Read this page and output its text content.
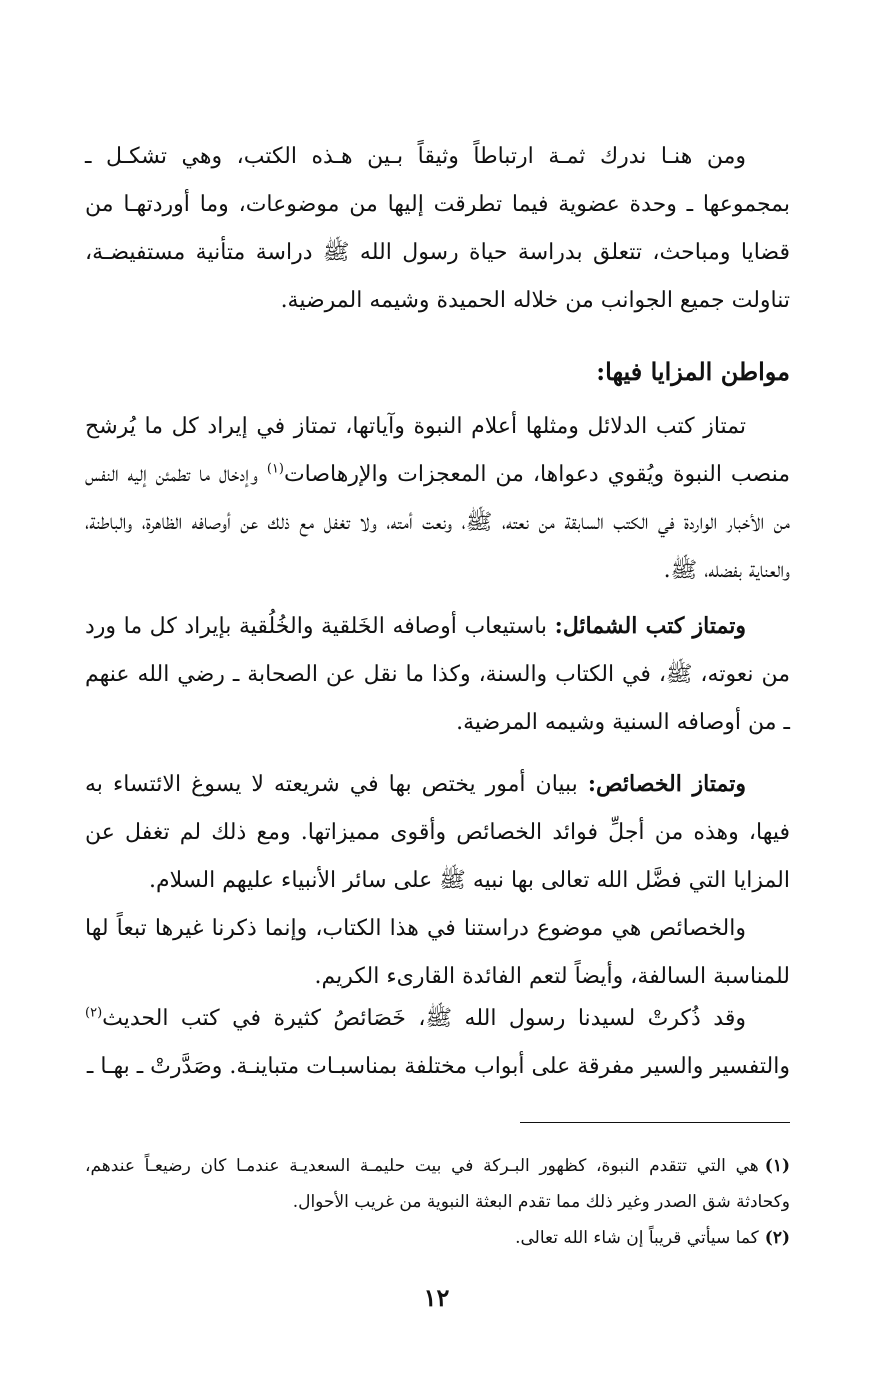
ومن هنـا ندرك ثمـة ارتباطاً وثيقاً بـين هـذه الكتب، وهي تشكـل ـ بمجموعها ـ وحدة عضوية فيما تطرقت إليها من موضوعات، وما أوردتهـا من قضايا ومباحث، تتعلق بدراسة حياة رسول الله ﷺ دراسة متأنية مستفيضـة، تناولت جميع الجوانب من خلاله الحميدة وشيمه المرضية.

مواطن المزايا فيها:

تمتاز كتب الدلائل ومثلها أعلام النبوة وآياتها، تمتاز في إيراد كل ما يُرشح منصب النبوة ويُقوي دعواها، من المعجزات والإرهاصات$^{(١)}$ وإدخال ما تطمئن إليه النفس من الأخبار الواردة في الكتب السابقة من نعته، ﷺ، ونعت أمته، ولا تغفل مع ذلك عن أوصافه الظاهرة، والباطنة، والعناية بفضله، ﷺ.

وتمتاز كتب الشمائل: باستيعاب أوصافه الخَلقية والخُلُقية بإيراد كل ما ورد من نعوته، ﷺ، في الكتاب والسنة، وكذا ما نقل عن الصحابة ـ رضي الله عنهم ـ من أوصافه السنية وشيمه المرضية.

وتمتاز الخصائص: ببيان أمور يختص بها في شريعته لا يسوغ الائتساء به فيها، وهذه من أجلِّ فوائد الخصائص وأقوى مميزاتها. ومع ذلك لم تغفل عن المزايا التي فضَّل الله تعالى بها نبيه ﷺ على سائر الأنبياء عليهم السلام.

والخصائص هي موضوع دراستنا في هذا الكتاب، وإنما ذكرنا غيرها تبعاً لها للمناسبة السالفة، وأيضاً لتعم الفائدة القارىء الكريم.

وقد ذُكرتْ لسيدنا رسول الله ﷺ، خَصَائصُ كثيرة في كتب الحديث$^{(٢)}$ والتفسير والسير مفرقة على أبواب مختلفة بمناسبـات متباينـة. وصَدَّرتْ ـ بهـا ـ

(١)هي التي تتقدم النبوة، كظهور البـركة في بيت حليمـة السعديـة عندمـا كان رضيعـاً عندهم، وكحادثة شق الصدر وغير ذلك مما تقدم البعثة النبوية من غريب الأحوال.
(٢)كما سيأتي قريباً إن شاء الله تعالى.
١٢
